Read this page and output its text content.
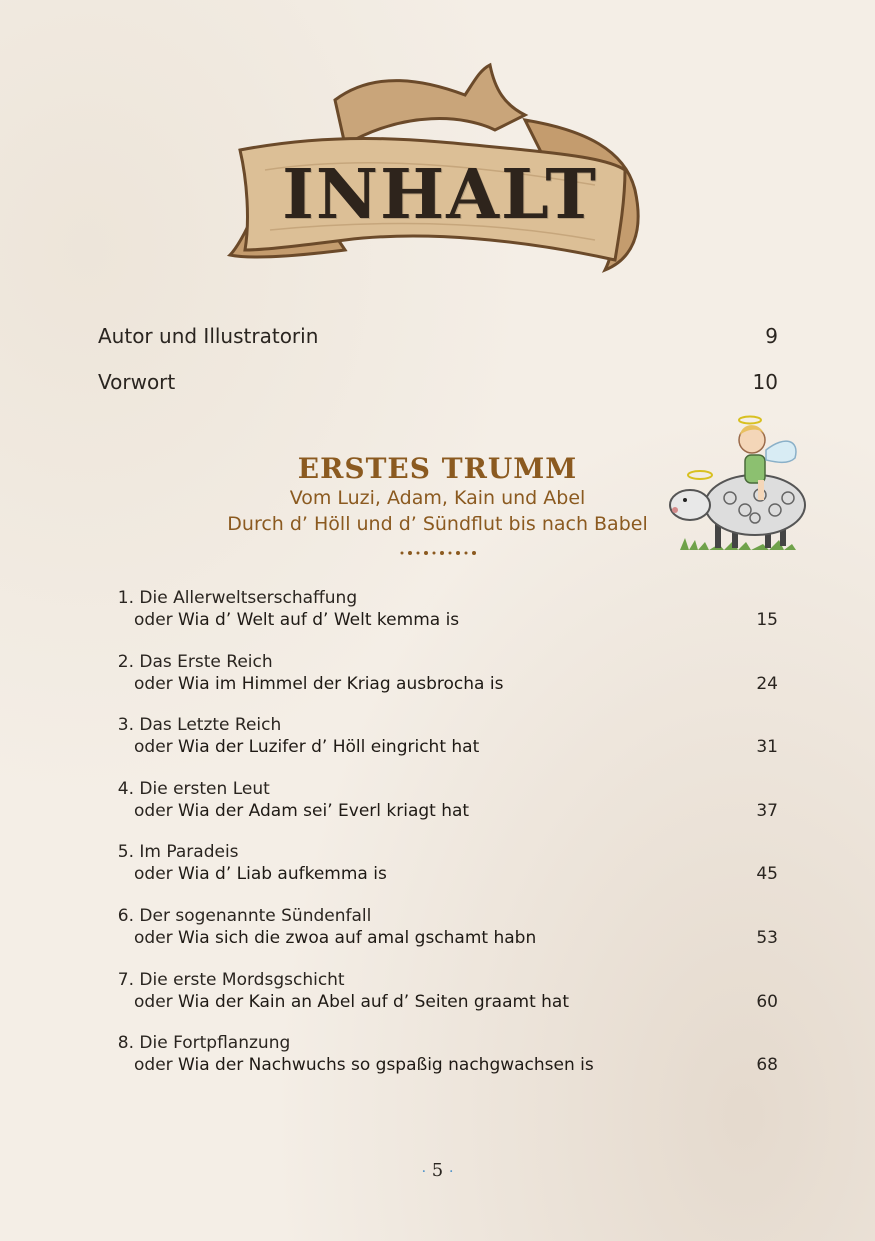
INHALT
Autor und Illustratorin	9
Vorwort	10
ERSTES TRUMM
Vom Luzi, Adam, Kain und Abel
Durch d’ Höll und d’ Sündflut bis nach Babel
1. Die Allerweltserschaffung
oder Wia d’ Welt auf d’ Welt kemma is	15
2. Das Erste Reich
oder Wia im Himmel der Kriag ausbrocha is	24
3. Das Letzte Reich
oder Wia der Luzifer d’ Höll eingricht hat	31
4. Die ersten Leut
oder Wia der Adam sei’ Everl kriagt hat	37
5. Im Paradeis
oder Wia d’ Liab aufkemma is	45
6. Der sogenannte Sündenfall
oder Wia sich die zwoa auf amal gschamt habn	53
7. Die erste Mordsgschicht
oder Wia der Kain an Abel auf d’ Seiten graamt hat	60
8. Die Fortpflanzung
oder Wia der Nachwuchs so gspaßig nachgwachsen is	68
· 5 ·
